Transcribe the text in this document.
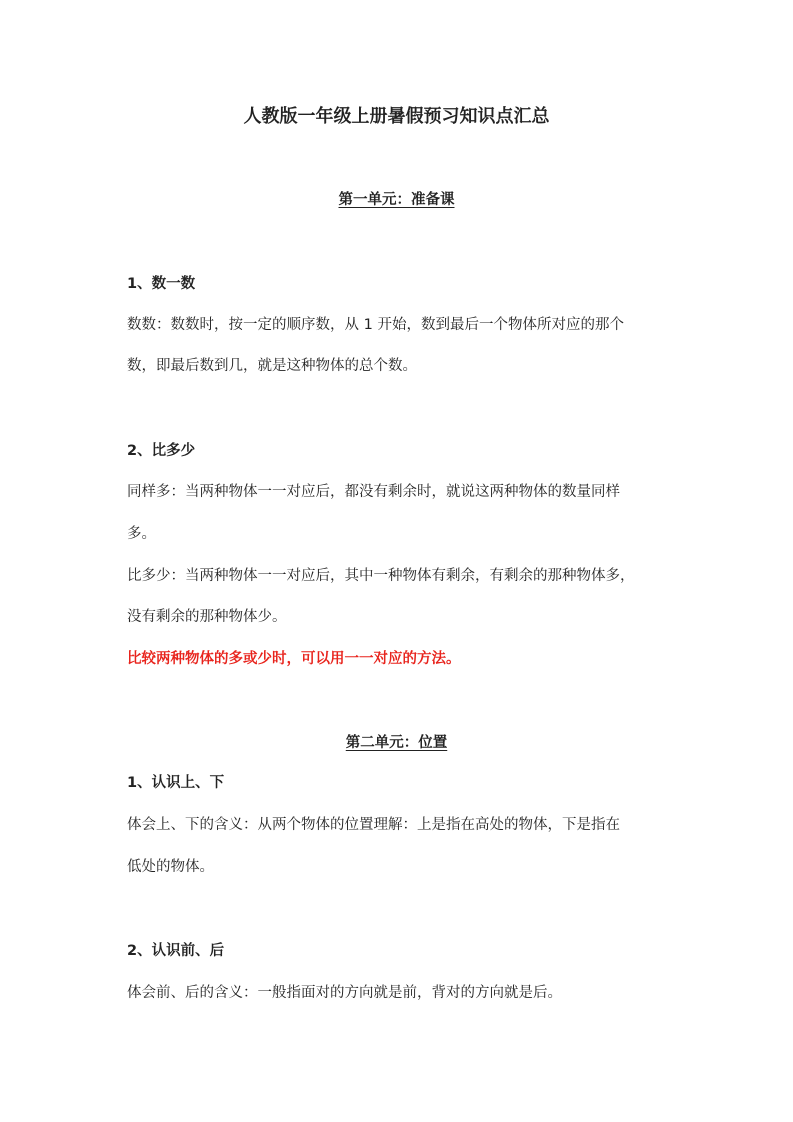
人教版一年级上册暑假预习知识点汇总
第一单元：准备课
1、数一数
数数：数数时，按一定的顺序数，从 1 开始，数到最后一个物体所对应的那个
数，即最后数到几，就是这种物体的总个数。
2、比多少
同样多：当两种物体一一对应后，都没有剩余时，就说这两种物体的数量同样
多。
比多少：当两种物体一一对应后，其中一种物体有剩余，有剩余的那种物体多，
没有剩余的那种物体少。
比较两种物体的多或少时，可以用一一对应的方法。
第二单元：位置
1、认识上、下
体会上、下的含义：从两个物体的位置理解：上是指在高处的物体，下是指在
低处的物体。
2、认识前、后
体会前、后的含义：一般指面对的方向就是前，背对的方向就是后。
